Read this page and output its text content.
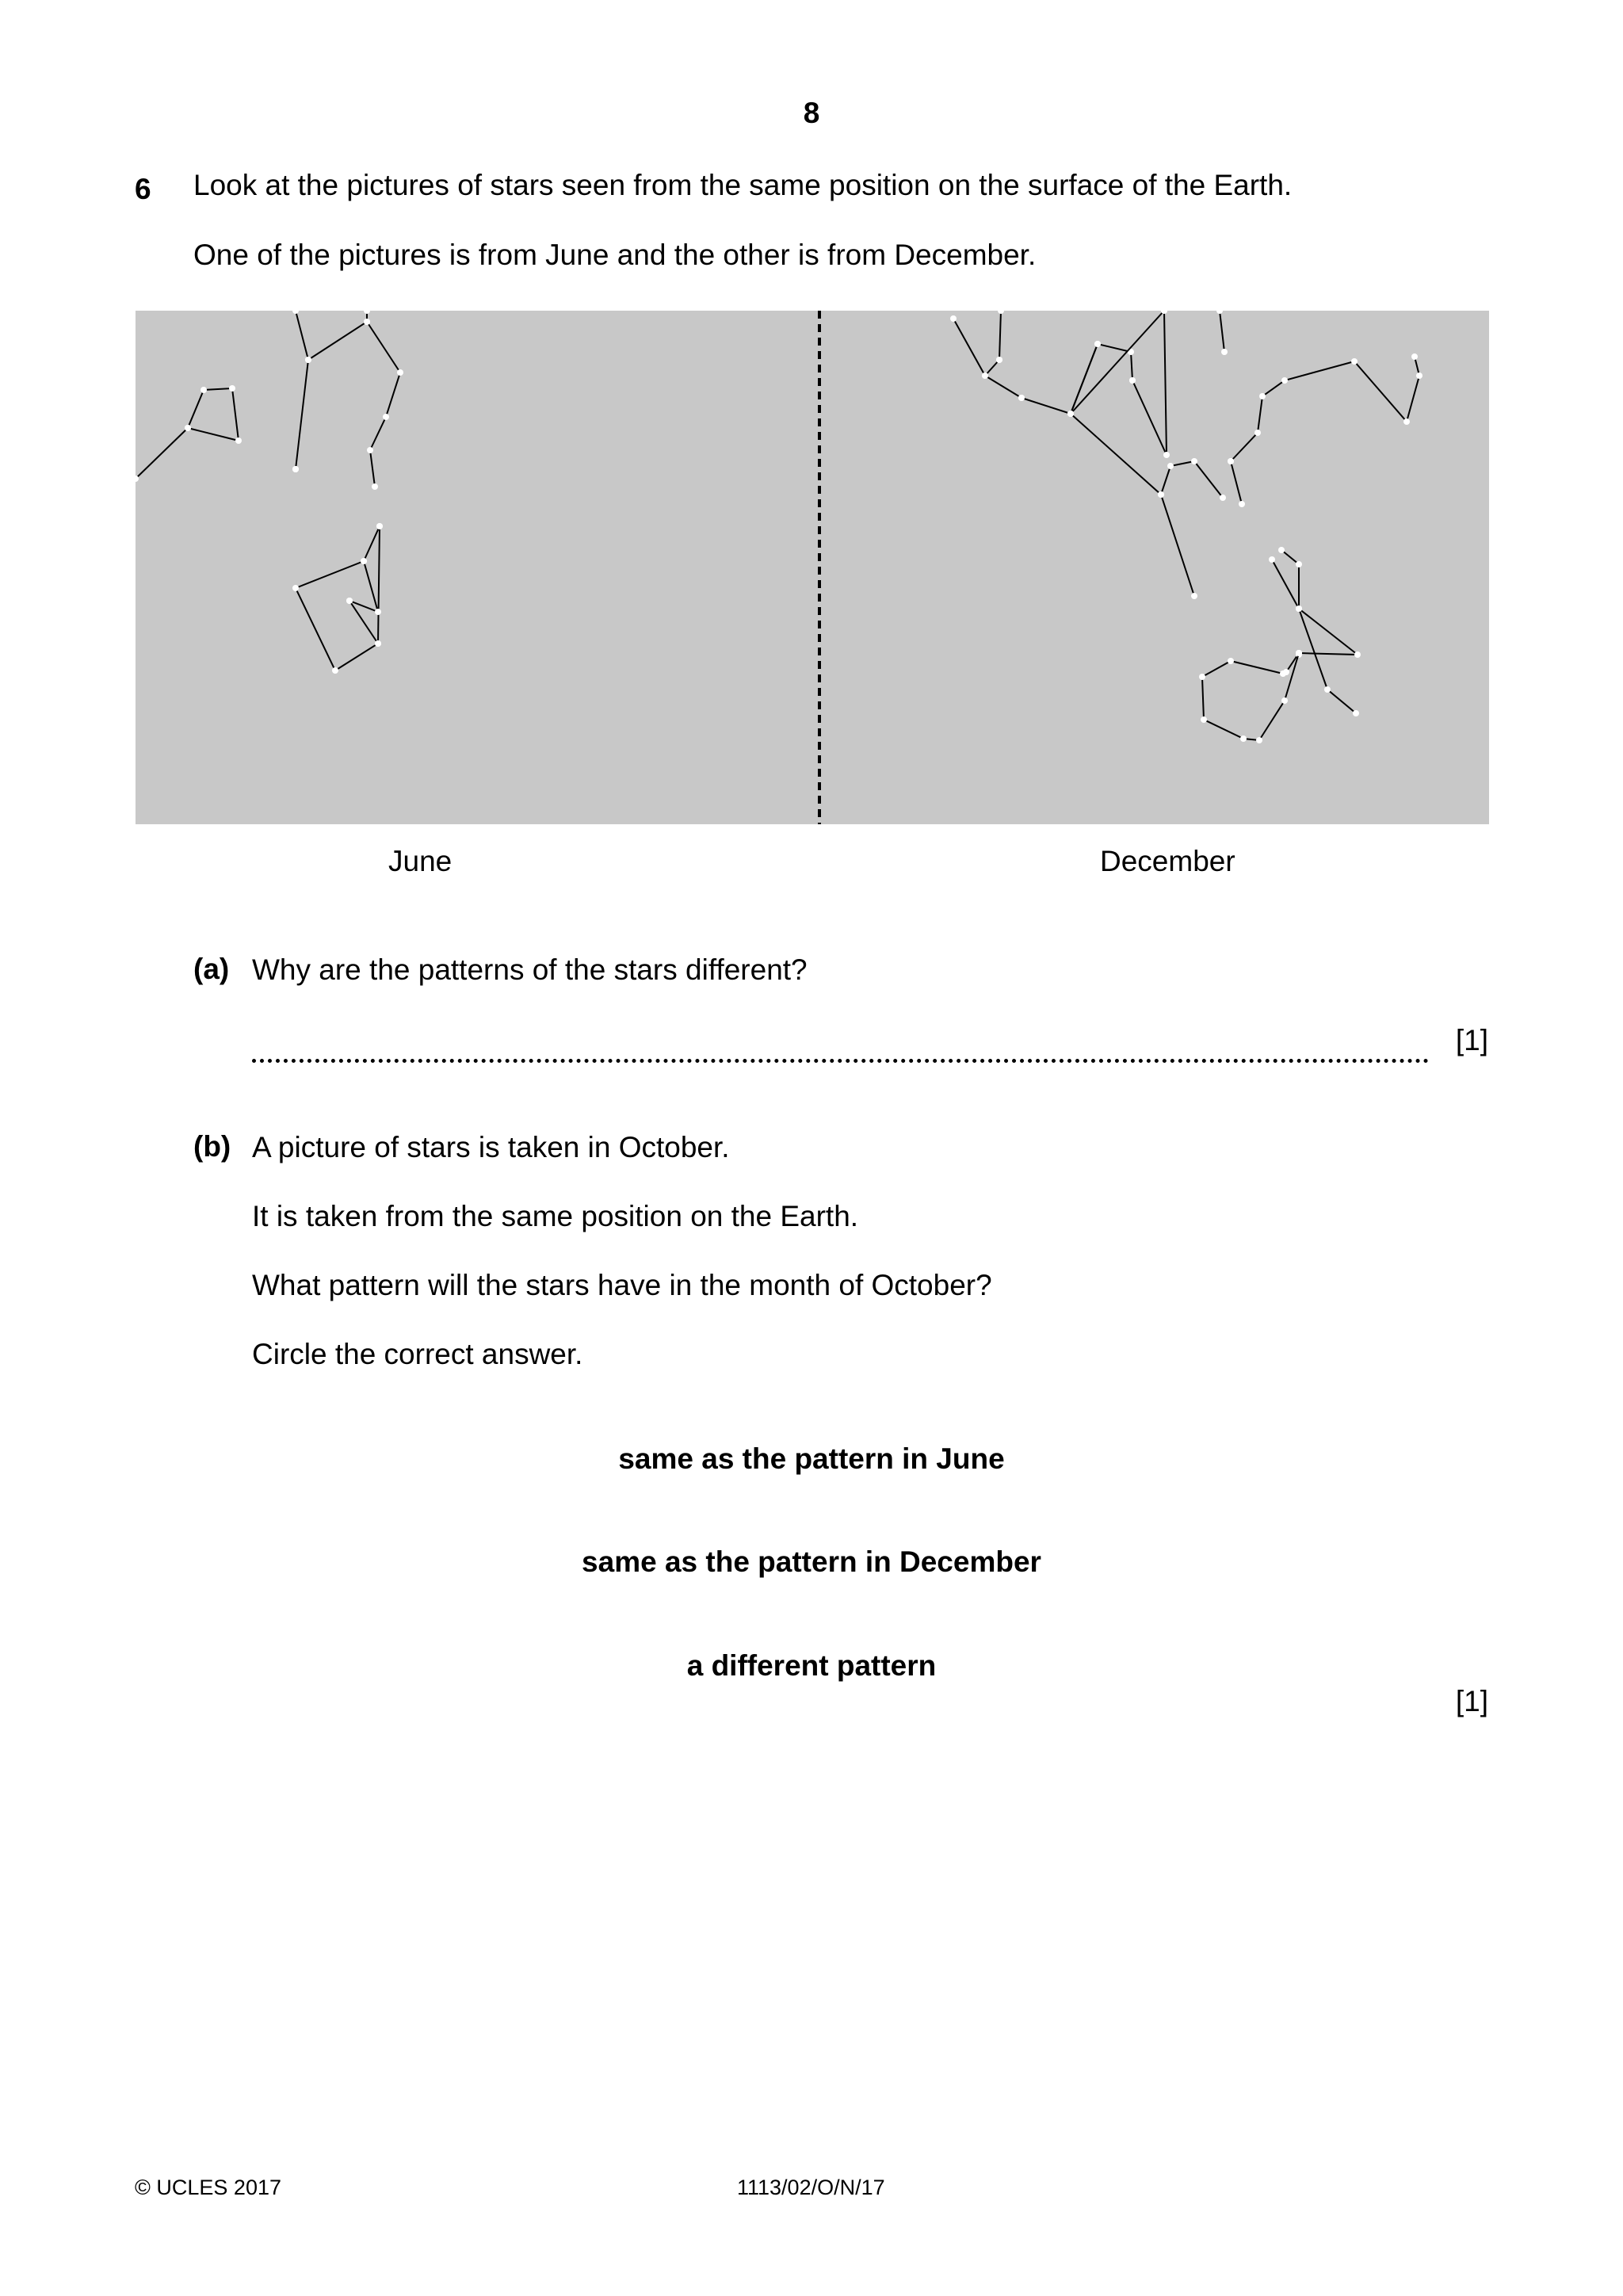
8
6 Look at the pictures of stars seen from the same position on the surface of the Earth.
One of the pictures is from June and the other is from December.
June	December
(a) Why are the patterns of the stars different?
[1]
(b) A picture of stars is taken in October.
It is taken from the same position on the Earth.
What pattern will the stars have in the month of October?
Circle the correct answer.
same as the pattern in June
same as the pattern in December
a different pattern
[1]
© UCLES 2017	1113/02/O/N/17
